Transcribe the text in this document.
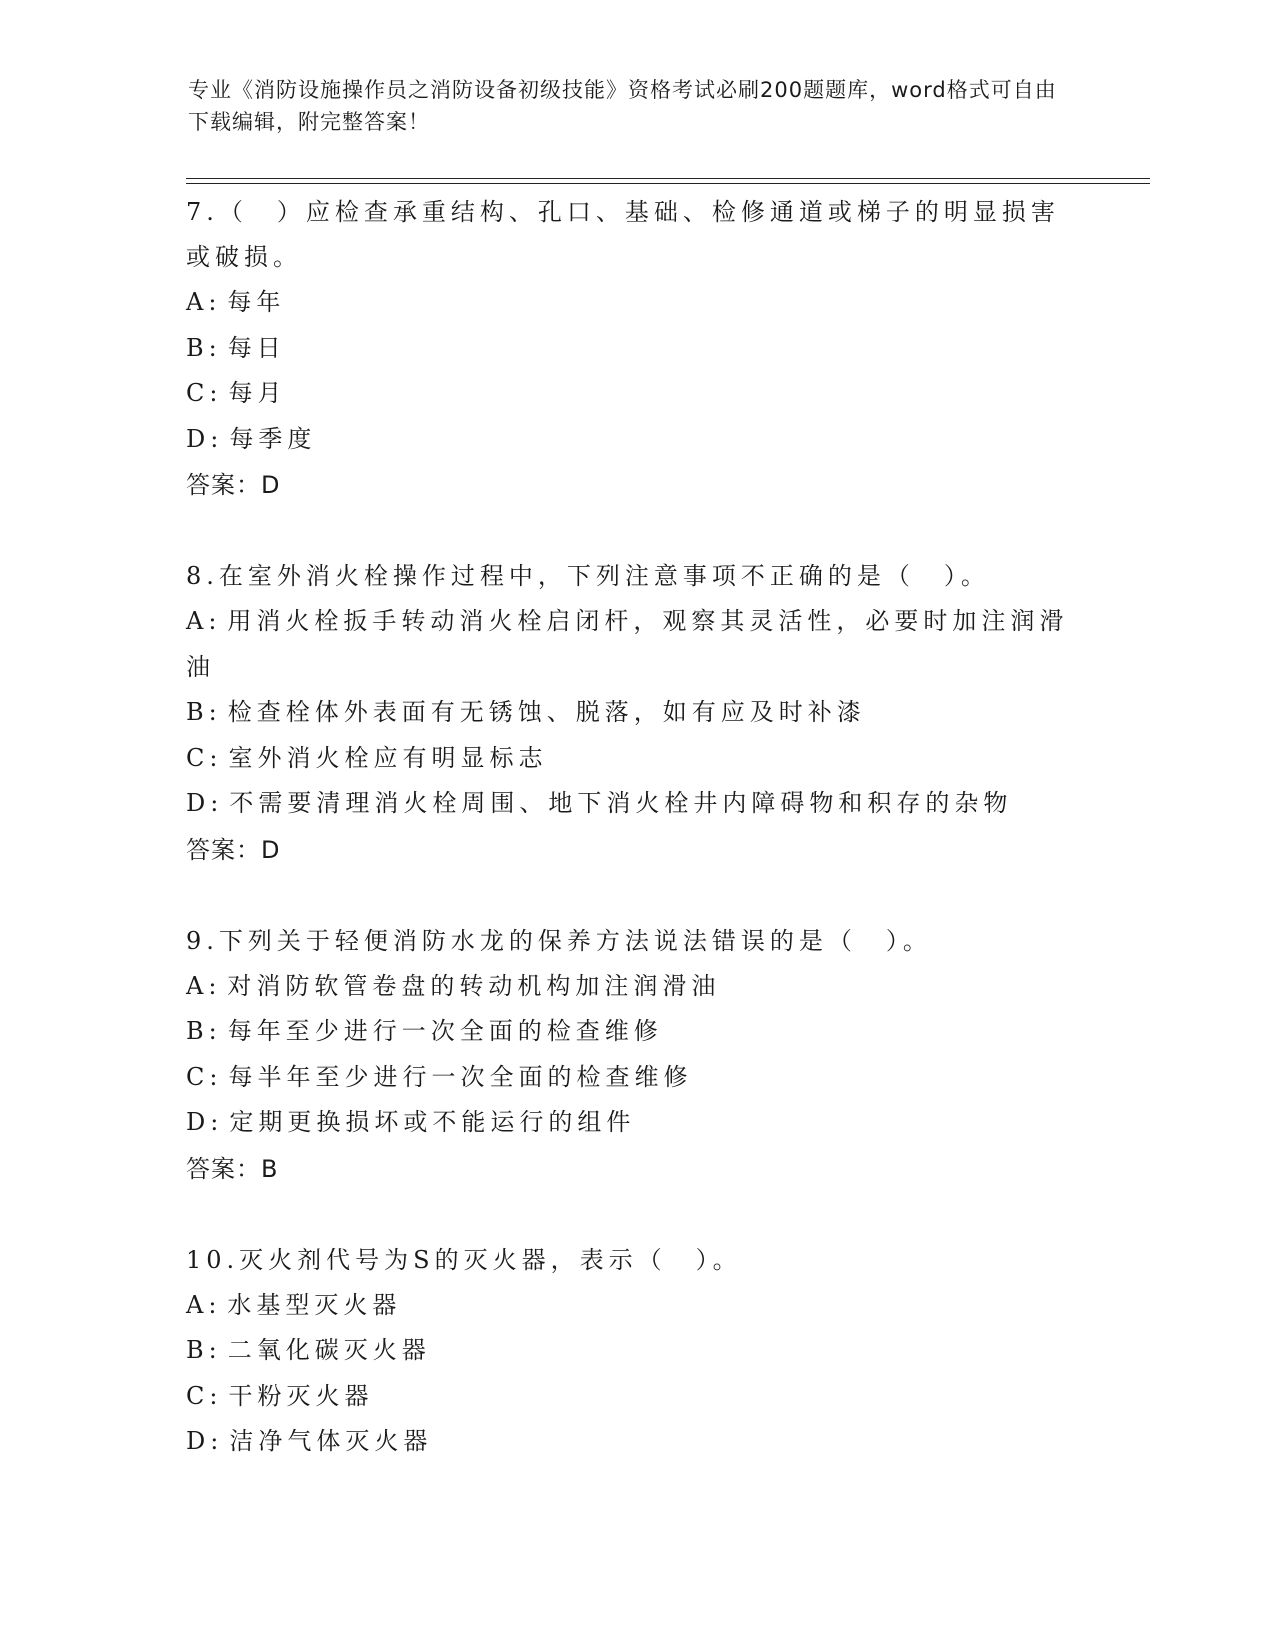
专业《消防设施操作员之消防设备初级技能》资格考试必刷200题题库，word格式可自由下载编辑，附完整答案！

7.（　）应检查承重结构、孔口、基础、检修通道或梯子的明显损害或破损。

A: 每年

B: 每日

C: 每月

D: 每季度

答案：D

8.在室外消火栓操作过程中，下列注意事项不正确的是（　）。

A: 用消火栓扳手转动消火栓启闭杆，观察其灵活性，必要时加注润滑油

B: 检查栓体外表面有无锈蚀、脱落，如有应及时补漆

C: 室外消火栓应有明显标志

D: 不需要清理消火栓周围、地下消火栓井内障碍物和积存的杂物

答案：D

9.下列关于轻便消防水龙的保养方法说法错误的是（　）。

A: 对消防软管卷盘的转动机构加注润滑油

B: 每年至少进行一次全面的检查维修

C: 每半年至少进行一次全面的检查维修

D: 定期更换损坏或不能运行的组件

答案：B

10.灭火剂代号为S的灭火器，表示（　）。

A: 水基型灭火器

B: 二氧化碳灭火器

C: 干粉灭火器

D: 洁净气体灭火器
